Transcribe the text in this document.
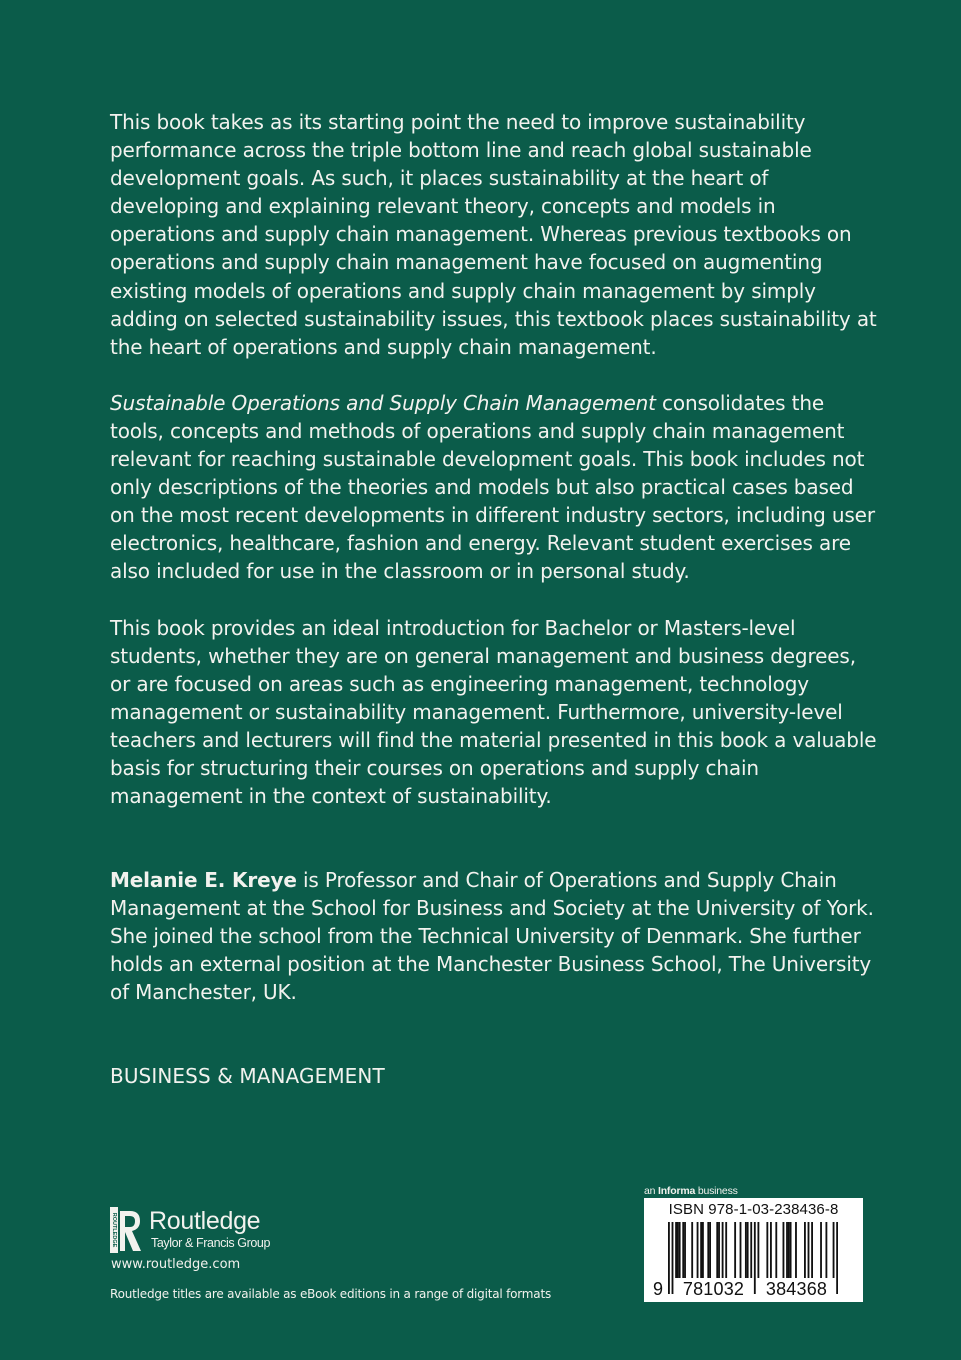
This book takes as its starting point the need to improve sustainability performance across the triple bottom line and reach global sustainable development goals. As such, it places sustainability at the heart of developing and explaining relevant theory, concepts and models in operations and supply chain management. Whereas previous textbooks on operations and supply chain management have focused on augmenting existing models of operations and supply chain management by simply adding on selected sustainability issues, this textbook places sustainability at the heart of operations and supply chain management.

Sustainable Operations and Supply Chain Management consolidates the tools, concepts and methods of operations and supply chain management relevant for reaching sustainable development goals. This book includes not only descriptions of the theories and models but also practical cases based on the most recent developments in different industry sectors, including user electronics, healthcare, fashion and energy. Relevant student exercises are also included for use in the classroom or in personal study.

This book provides an ideal introduction for Bachelor or Masters-level students, whether they are on general management and business degrees, or are focused on areas such as engineering management, technology management or sustainability management. Furthermore, university-level teachers and lecturers will find the material presented in this book a valuable basis for structuring their courses on operations and supply chain management in the context of sustainability.

Melanie E. Kreye is Professor and Chair of Operations and Supply Chain Management at the School for Business and Society at the University of York. She joined the school from the Technical University of Denmark. She further holds an external position at the Manchester Business School, The University of Manchester, UK.

BUSINESS & MANAGEMENT

ROUTLEDGE Routledge
Taylor & Francis Group
www.routledge.com
Routledge titles are available as eBook editions in a range of digital formats
an Informa business
ISBN 978-1-03-238436-8
9	781032	384368
